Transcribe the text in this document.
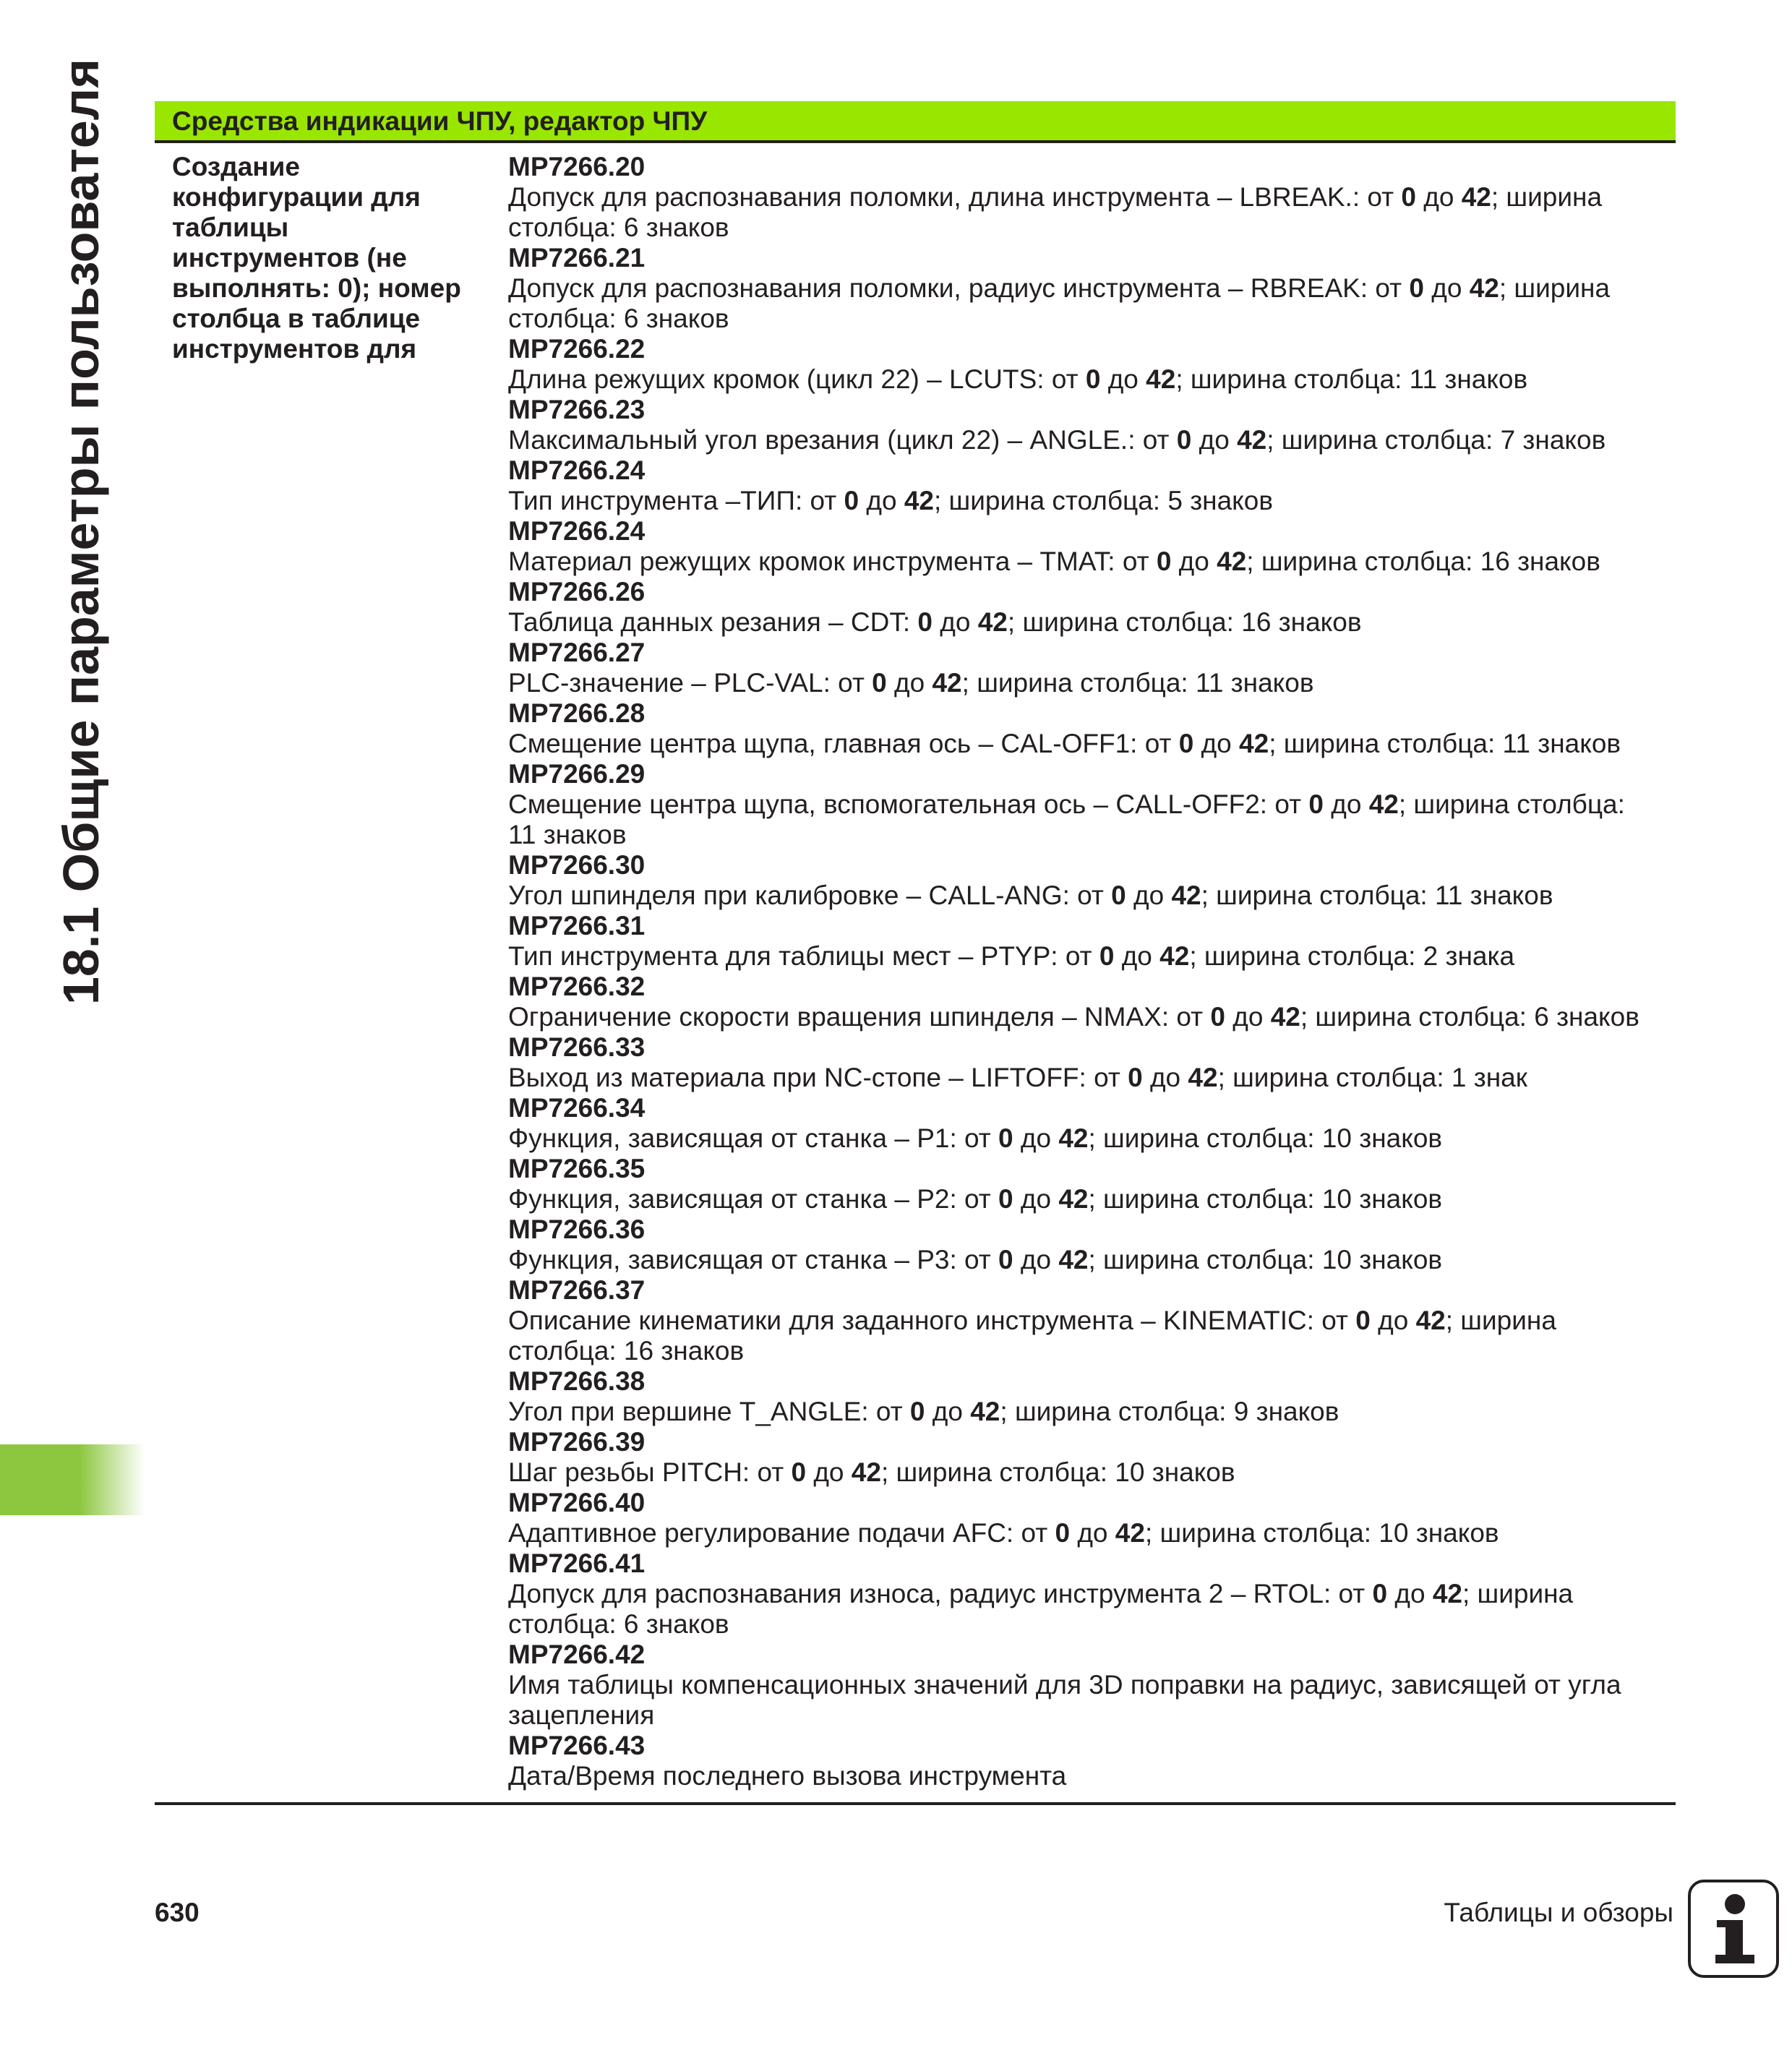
18.1 Общие параметры пользователя Средства индикации ЧПУ, редактор ЧПУ
Создание
конфигурации для
таблицы
инструментов (не
выполнять: 0); номер
столбца в таблице
инструментов для
MP7266.20
Допуск для распознавания поломки, длина инструмента – LBREAK.: от 0 до 42; ширина
столбца: 6 знаков
MP7266.21
Допуск для распознавания поломки, радиус инструмента – RBREAK: от 0 до 42; ширина
столбца: 6 знаков
MP7266.22
Длина режущих кромок (цикл 22) – LCUTS: от 0 до 42; ширина столбца: 11 знаков
MP7266.23
Максимальный угол врезания (цикл 22) – ANGLE.: от 0 до 42; ширина столбца: 7 знаков
MP7266.24
Тип инструмента –ТИП: от 0 до 42; ширина столбца: 5 знаков
MP7266.24
Материал режущих кромок инструмента – TMAT: от 0 до 42; ширина столбца: 16 знаков
MP7266.26
Таблица данных резания – CDT: 0 до 42; ширина столбца: 16 знаков
MP7266.27
PLC-значение – PLC-VAL: от 0 до 42; ширина столбца: 11 знаков
MP7266.28
Смещение центра щупа, главная ось – CAL-OFF1: от 0 до 42; ширина столбца: 11 знаков
MP7266.29
Смещение центра щупа, вспомогательная ось – CALL-OFF2: от 0 до 42; ширина столбца:
11 знаков
MP7266.30
Угол шпинделя при калибровке – CALL-ANG: от 0 до 42; ширина столбца: 11 знаков
MP7266.31
Тип инструмента для таблицы мест – PTYP: от 0 до 42; ширина столбца: 2 знака
MP7266.32
Ограничение скорости вращения шпинделя – NMAX: от 0 до 42; ширина столбца: 6 знаков
MP7266.33
Выход из материала при NC-стопе – LIFTOFF: от 0 до 42; ширина столбца: 1 знак
MP7266.34
Функция, зависящая от станка – P1: от 0 до 42; ширина столбца: 10 знаков
MP7266.35
Функция, зависящая от станка – P2: от 0 до 42; ширина столбца: 10 знаков
MP7266.36
Функция, зависящая от станка – P3: от 0 до 42; ширина столбца: 10 знаков
MP7266.37
Описание кинематики для заданного инструмента – KINEMATIC: от 0 до 42; ширина
столбца: 16 знаков
MP7266.38
Угол при вершине T_ANGLE: от 0 до 42; ширина столбца: 9 знаков
MP7266.39
Шаг резьбы PITCH: от 0 до 42; ширина столбца: 10 знаков
MP7266.40
Адаптивное регулирование подачи AFC: от 0 до 42; ширина столбца: 10 знаков
MP7266.41
Допуск для распознавания износа, радиус инструмента 2 – RTOL: от 0 до 42; ширина
столбца: 6 знаков
MP7266.42
Имя таблицы компенсационных значений для 3D поправки на радиус, зависящей от угла
зацепления
MP7266.43
Дата/Время последнего вызова инструмента
630	Таблицы и обзоры
